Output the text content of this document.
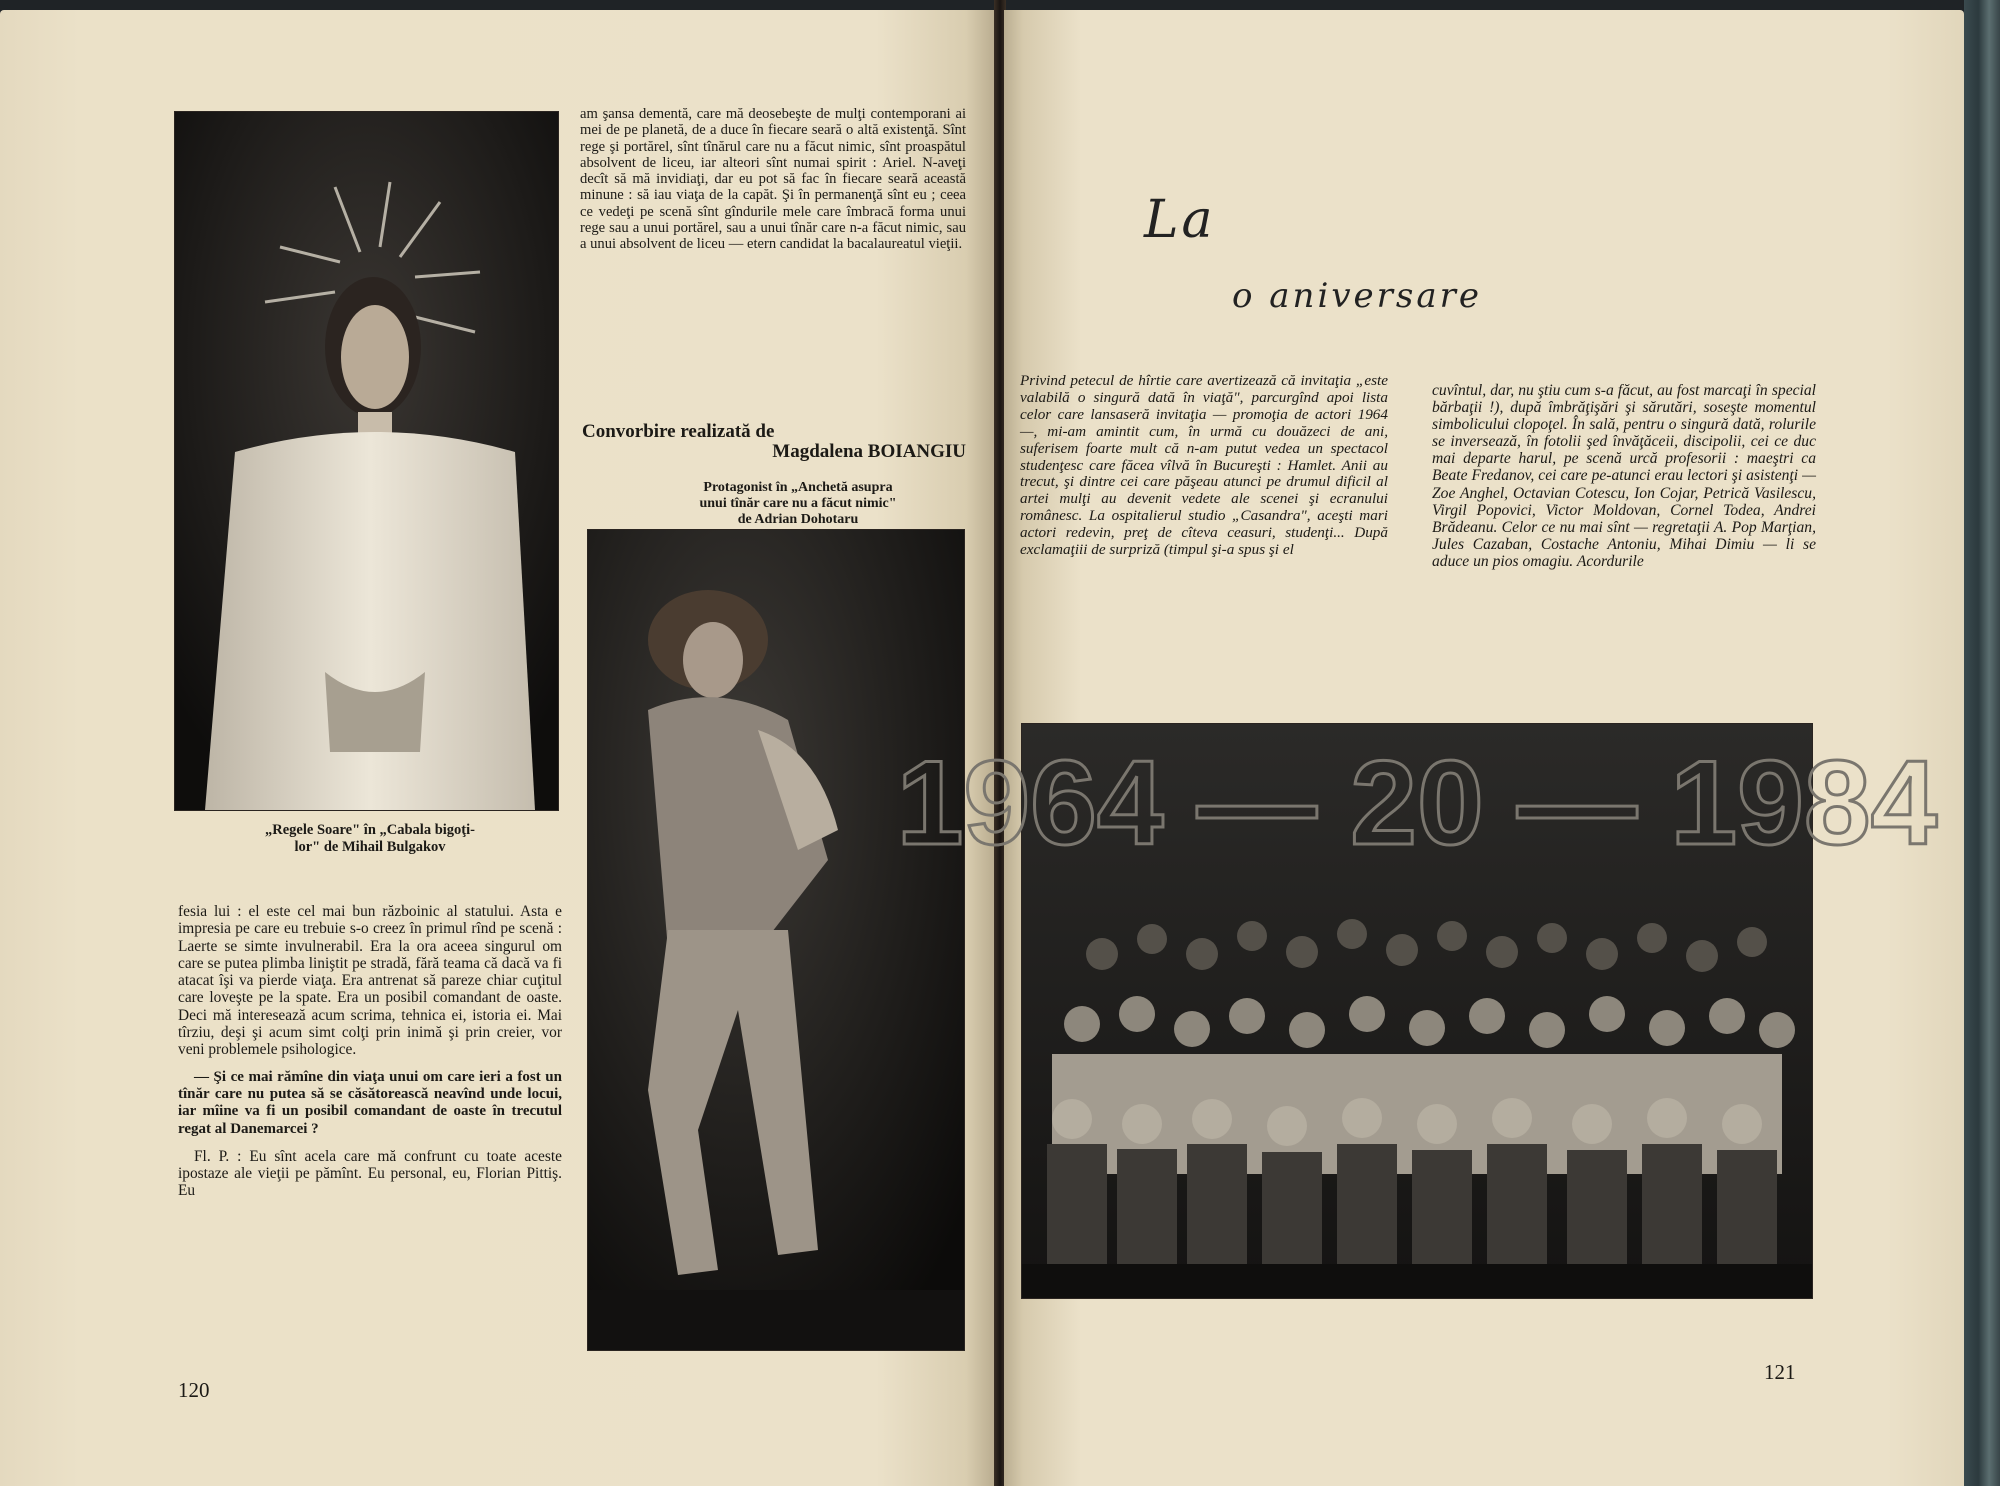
am şansa dementă, care mă deosebeşte de mulţi contemporani ai mei de pe planetă, de a duce în fiecare seară o altă existenţă. Sînt rege şi portărel, sînt tînărul care nu a făcut nimic, sînt proaspătul absolvent de liceu, iar alteori sînt numai spirit : Ariel. N-aveţi decît să mă invidiaţi, dar eu pot să fac în fiecare seară această minune : să iau viaţa de la capăt. Şi în permanenţă sînt eu ; ceea ce vedeţi pe scenă sînt gîndurile mele care îmbracă forma unui rege sau a unui portărel, sau a unui tînăr care n-a făcut nimic, sau a unui absolvent de liceu — etern candidat la bacalaureatul vieţii.

Convorbire realizată de
Magdalena BOIANGIU
Protagonist în „Anchetă asupra
unui tînăr care nu a făcut nimic"
de Adrian Dohotaru
„Regele Soare" în „Cabala bigoţi-
lor" de Mihail Bulgakov

fesia lui : el este cel mai bun războinic al statului. Asta e impresia pe care eu trebuie s-o creez în primul rînd pe scenă : Laerte se simte invulnerabil. Era la ora aceea singurul om care se putea plimba liniştit pe stradă, fără teama că dacă va fi atacat îşi va pierde viaţa. Era antrenat să pareze chiar cuţitul care loveşte pe la spate. Era un posibil comandant de oaste. Deci mă interesează acum scrima, tehnica ei, istoria ei. Mai tîrziu, deşi şi acum simt colţi prin inimă şi prin creier, vor veni problemele psihologice.

— Şi ce mai rămîne din viaţa unui om care ieri a fost un tînăr care nu putea să se căsătorească neavînd unde locui, iar mîine va fi un posibil comandant de oaste în trecutul regat al Danemarcei ?

Fl. P. : Eu sînt acela care mă confrunt cu toate aceste ipostaze ale vieţii pe pămînt. Eu personal, eu, Florian Pittiş. Eu

120
La
o aniversare

Privind petecul de hîrtie care avertizează că invitaţia „este valabilă o singură dată în viaţă", parcurgînd apoi lista celor care lansaseră invitaţia — promoţia de actori 1964 —, mi-am amintit cum, în urmă cu douăzeci de ani, suferisem foarte mult că n-am putut vedea un spectacol studenţesc care făcea vîlvă în Bucureşti : Hamlet. Anii au trecut, şi dintre cei care păşeau atunci pe drumul dificil al artei mulţi au devenit vedete ale scenei şi ecranului românesc. La ospitalierul studio „Casandra", aceşti mari actori redevin, preţ de cîteva ceasuri, studenţi... După exclamaţiii de surpriză (timpul şi-a spus şi el

cuvîntul, dar, nu ştiu cum s-a făcut, au fost marcaţi în special bărbaţii !), după îmbrăţişări şi sărutări, soseşte momentul simbolicului clopoţel. În sală, pentru o singură dată, rolurile se inversează, în fotolii şed învăţăceii, discipolii, cei ce duc mai departe harul, pe scenă urcă profesorii : maeştri ca Beate Fredanov, cei care pe-atunci erau lectori şi asistenţi — Zoe Anghel, Octavian Cotescu, Ion Cojar, Petrică Vasilescu, Virgil Popovici, Victor Moldovan, Cornel Todea, Andrei Brădeanu. Celor ce nu mai sînt — regretaţii A. Pop Marţian, Jules Cazaban, Costache Antoniu, Mihai Dimiu — li se aduce un pios omagiu. Acordurile

1964 — 20 — 1984
121
